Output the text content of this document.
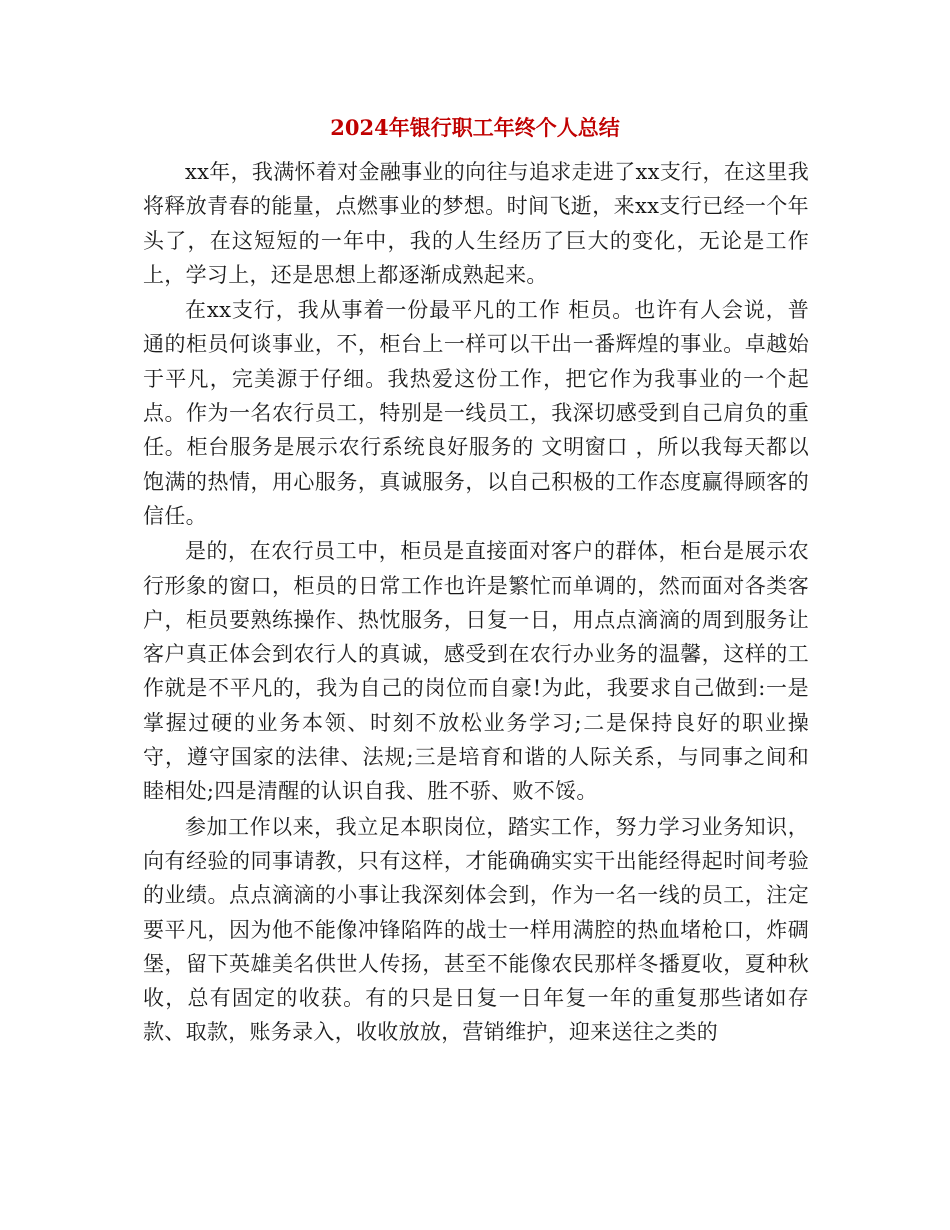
2024年银行职工年终个人总结

xx年，我满怀着对金融事业的向往与追求走进了xx支行，在这里我将释放青春的能量，点燃事业的梦想。时间飞逝，来xx支行已经一个年头了，在这短短的一年中，我的人生经历了巨大的变化，无论是工作上，学习上，还是思想上都逐渐成熟起来。

在xx支行，我从事着一份最平凡的工作 柜员。也许有人会说，普通的柜员何谈事业，不，柜台上一样可以干出一番辉煌的事业。卓越始于平凡，完美源于仔细。我热爱这份工作，把它作为我事业的一个起点。作为一名农行员工，特别是一线员工，我深切感受到自己肩负的重任。柜台服务是展示农行系统良好服务的 文明窗口 ，所以我每天都以饱满的热情，用心服务，真诚服务，以自己积极的工作态度赢得顾客的信任。

是的，在农行员工中，柜员是直接面对客户的群体，柜台是展示农行形象的窗口，柜员的日常工作也许是繁忙而单调的，然而面对各类客户，柜员要熟练操作、热忱服务，日复一日，用点点滴滴的周到服务让客户真正体会到农行人的真诚，感受到在农行办业务的温馨，这样的工作就是不平凡的，我为自己的岗位而自豪!为此，我要求自己做到:一是掌握过硬的业务本领、时刻不放松业务学习;二是保持良好的职业操守，遵守国家的法律、法规;三是培育和谐的人际关系，与同事之间和睦相处;四是清醒的认识自我、胜不骄、败不馁。

参加工作以来，我立足本职岗位，踏实工作，努力学习业务知识，向有经验的同事请教，只有这样，才能确确实实干出能经得起时间考验的业绩。点点滴滴的小事让我深刻体会到，作为一名一线的员工，注定要平凡，因为他不能像冲锋陷阵的战士一样用满腔的热血堵枪口，炸碉堡，留下英雄美名供世人传扬，甚至不能像农民那样冬播夏收，夏种秋收，总有固定的收获。有的只是日复一日年复一年的重复那些诸如存款、取款，账务录入，收收放放，营销维护，迎来送往之类的
